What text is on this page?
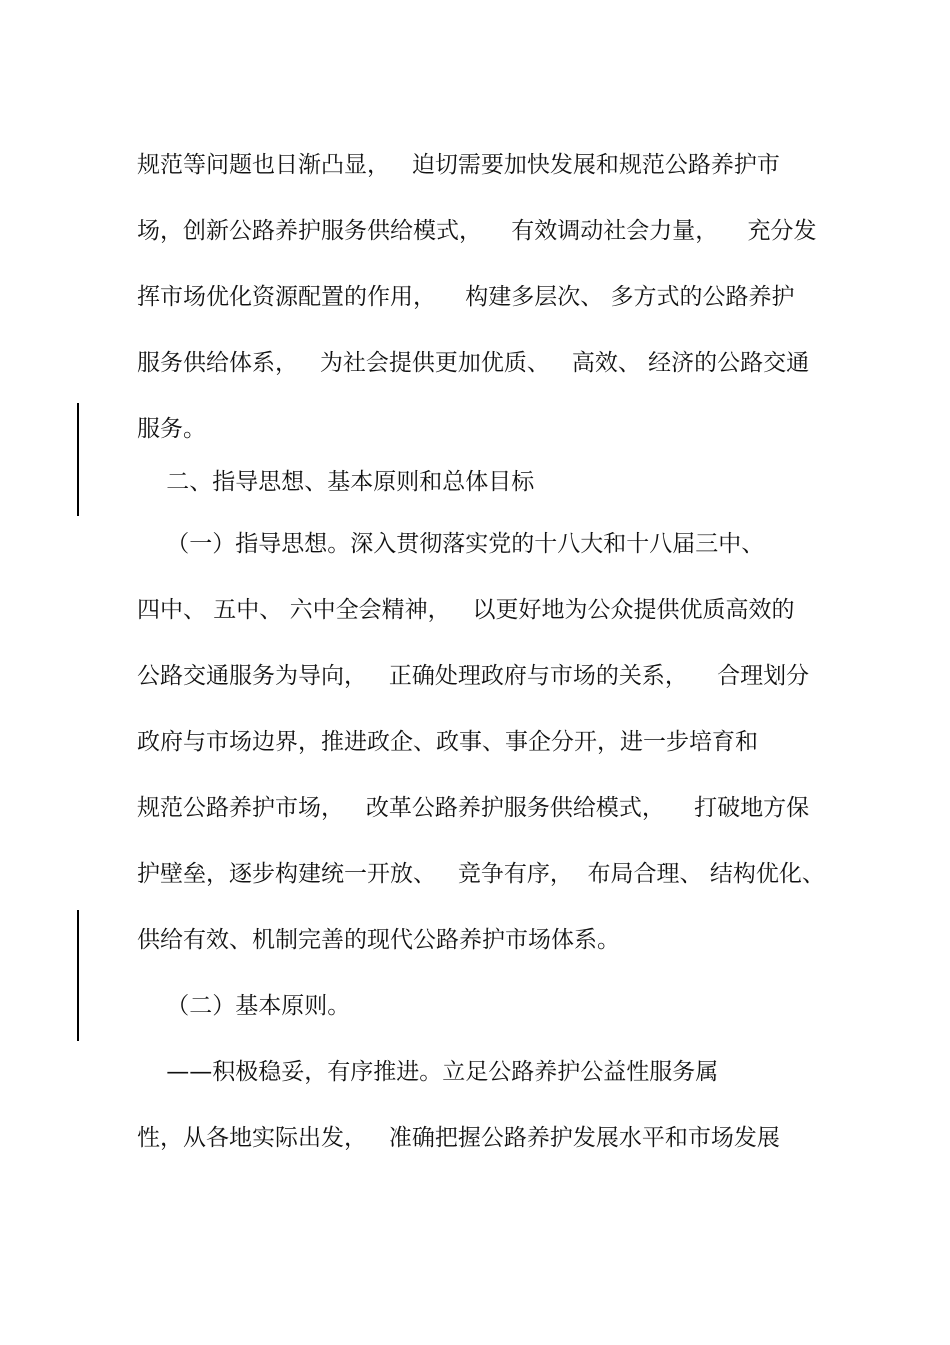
规范等问题也日渐凸显，   迫切需要加快发展和规范公路养护市
场，创新公路养护服务供给模式，    有效调动社会力量，    充分发
挥市场优化资源配置的作用，    构建多层次、 多方式的公路养护
服务供给体系，   为社会提供更加优质、   高效、 经济的公路交通
服务。
二、指导思想、基本原则和总体目标
（一）指导思想。深入贯彻落实党的十八大和十八届三中、
四中、 五中、 六中全会精神，   以更好地为公众提供优质高效的
公路交通服务为导向，   正确处理政府与市场的关系，    合理划分
政府与市场边界，推进政企、政事、事企分开，进一步培育和
规范公路养护市场，   改革公路养护服务供给模式，    打破地方保
护壁垒，逐步构建统一开放、   竞争有序，  布局合理、 结构优化、
供给有效、机制完善的现代公路养护市场体系。
（二）基本原则。
——积极稳妥，有序推进。立足公路养护公益性服务属
性，从各地实际出发，   准确把握公路养护发展水平和市场发展
